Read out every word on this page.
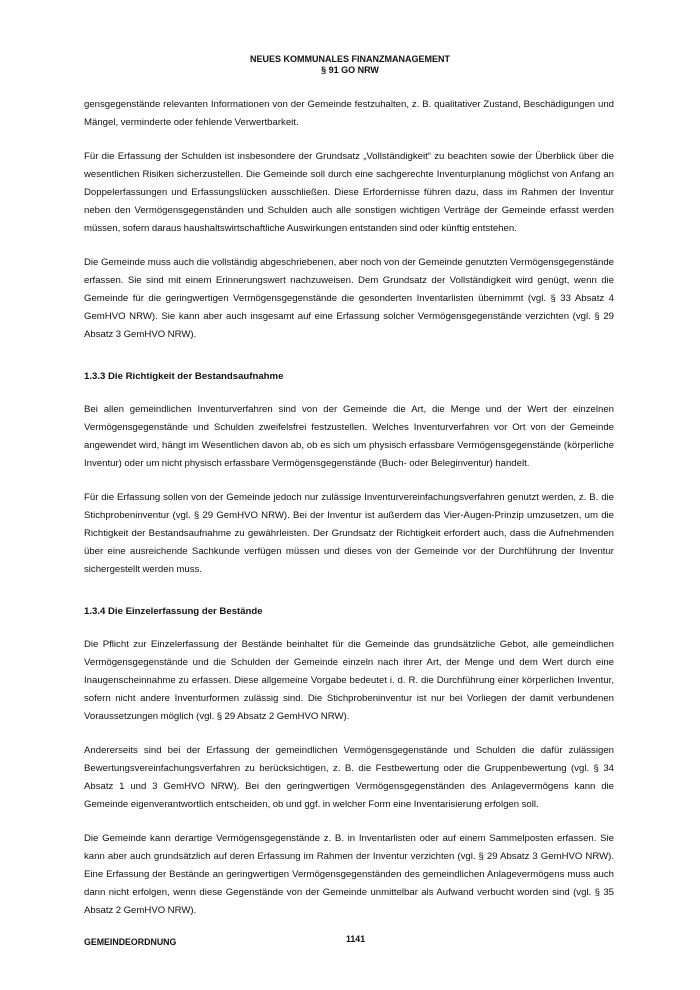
NEUES KOMMUNALES FINANZMANAGEMENT
§ 91 GO NRW

gensgegenstände relevanten Informationen von der Gemeinde festzuhalten, z. B. qualitativer Zustand, Beschädigungen und Mängel, verminderte oder fehlende Verwertbarkeit.

Für die Erfassung der Schulden ist insbesondere der Grundsatz „Vollständigkeit“ zu beachten sowie der Überblick über die wesentlichen Risiken sicherzustellen. Die Gemeinde soll durch eine sachgerechte Inventurplanung möglichst von Anfang an Doppelerfassungen und Erfassungslücken ausschließen. Diese Erfordernisse führen dazu, dass im Rahmen der Inventur neben den Vermögensgegenständen und Schulden auch alle sonstigen wichtigen Verträge der Gemeinde erfasst werden müssen, sofern daraus haushaltswirtschaftliche Auswirkungen entstanden sind oder künftig entstehen.

Die Gemeinde muss auch die vollständig abgeschriebenen, aber noch von der Gemeinde genutzten Vermögensgegenstände erfassen. Sie sind mit einem Erinnerungswert nachzuweisen. Dem Grundsatz der Vollständigkeit wird genügt, wenn die Gemeinde für die geringwertigen Vermögensgegenstände die gesonderten Inventarlisten übernimmt (vgl. § 33 Absatz 4 GemHVO NRW). Sie kann aber auch insgesamt auf eine Erfassung solcher Vermögensgegenstände verzichten (vgl. § 29 Absatz 3 GemHVO NRW).

1.3.3 Die Richtigkeit der Bestandsaufnahme

Bei allen gemeindlichen Inventurverfahren sind von der Gemeinde die Art, die Menge und der Wert der einzelnen Vermögensgegenstände und Schulden zweifelsfrei festzustellen. Welches Inventurverfahren vor Ort von der Gemeinde angewendet wird, hängt im Wesentlichen davon ab, ob es sich um physisch erfassbare Vermögensgegenstände (körperliche Inventur) oder um nicht physisch erfassbare Vermögensgegenstände (Buch- oder Beleginventur) handelt.

Für die Erfassung sollen von der Gemeinde jedoch nur zulässige Inventurvereinfachungsverfahren genutzt werden, z. B. die Stichprobeninventur (vgl. § 29 GemHVO NRW). Bei der Inventur ist außerdem das Vier-Augen-Prinzip umzusetzen, um die Richtigkeit der Bestandsaufnahme zu gewährleisten. Der Grundsatz der Richtigkeit erfordert auch, dass die Aufnehmenden über eine ausreichende Sachkunde verfügen müssen und dieses von der Gemeinde vor der Durchführung der Inventur sichergestellt werden muss.

1.3.4 Die Einzelerfassung der Bestände

Die Pflicht zur Einzelerfassung der Bestände beinhaltet für die Gemeinde das grundsätzliche Gebot, alle gemeindlichen Vermögensgegenstände und die Schulden der Gemeinde einzeln nach ihrer Art, der Menge und dem Wert durch eine Inaugenscheinnahme zu erfassen. Diese allgemeine Vorgabe bedeutet i. d. R. die Durchführung einer körperlichen Inventur, sofern nicht andere Inventurformen zulässig sind. Die Stichprobeninventur ist nur bei Vorliegen der damit verbundenen Voraussetzungen möglich (vgl. § 29 Absatz 2 GemHVO NRW).

Andererseits sind bei der Erfassung der gemeindlichen Vermögensgegenstände und Schulden die dafür zulässigen Bewertungsvereinfachungsverfahren zu berücksichtigen, z. B. die Festbewertung oder die Gruppenbewertung (vgl. § 34 Absatz 1 und 3 GemHVO NRW). Bei den geringwertigen Vermögensgegenständen des Anlagevermögens kann die Gemeinde eigenverantwortlich entscheiden, ob und ggf. in welcher Form eine Inventarisierung erfolgen soll.

Die Gemeinde kann derartige Vermögensgegenstände z. B. in Inventarlisten oder auf einem Sammelposten erfassen. Sie kann aber auch grundsätzlich auf deren Erfassung im Rahmen der Inventur verzichten (vgl. § 29 Absatz 3 GemHVO NRW). Eine Erfassung der Bestände an geringwertigen Vermögensgegenständen des gemeindlichen Anlagevermögens muss auch dann nicht erfolgen, wenn diese Gegenstände von der Gemeinde unmittelbar als Aufwand verbucht worden sind (vgl. § 35 Absatz 2 GemHVO NRW).

GEMEINDEORDNUNG	1141
